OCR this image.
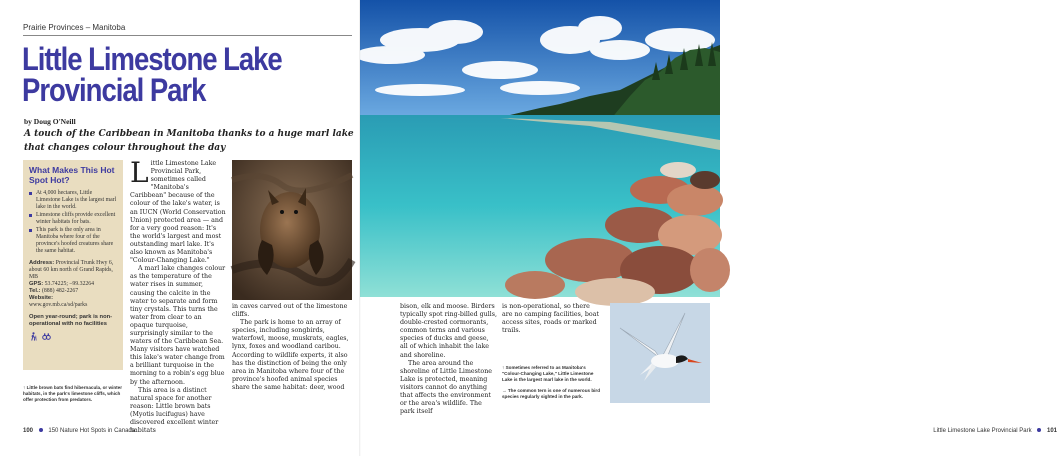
Prairie Provinces – Manitoba
Little Limestone Lake Provincial Park
by Doug O'Neill
A touch of the Caribbean in Manitoba thanks to a huge marl lake that changes colour throughout the day
What Makes This Hot Spot Hot?
At 4,000 hectares, Little Limestone Lake is the largest marl lake in the world.
Limestone cliffs provide excellent winter habitats for bats.
This park is the only area in Manitoba where four of the province's hoofed creatures share the same habitat.
Address: Provincial Trunk Hwy 6, about 60 km north of Grand Rapids, MB
GPS: 53.74225; –99.32264
Tel.: (888) 482-2267
Website:
www.gov.mb.ca/sd/parks
Open year-round; park is non-operational with no facilities
↑ Little brown bats find hibernacula, or winter habitats, in the park's limestone cliffs, which offer protection from predators.

Little Limestone Lake Provincial Park, sometimes called "Manitoba's Caribbean" because of the colour of the lake's water, is an IUCN (World Conservation Union) protected area — and for a very good reason: It's the world's largest and most outstanding marl lake. It's also known as Manitoba's "Colour-Changing Lake."

A marl lake changes colour as the temperature of the water rises in summer, causing the calcite in the water to separate and form tiny crystals. This turns the water from clear to an opaque turquoise, surprisingly similar to the waters of the Caribbean Sea. Many visitors have watched this lake's water change from a brilliant turquoise in the morning to a robin's egg blue by the afternoon.

This area is a distinct natural space for another reason: Little brown bats (Myotis lucifugus) have discovered excellent winter habitats

in caves carved out of the limestone cliffs.

The park is home to an array of species, including songbirds, waterfowl, moose, muskrats, eagles, lynx, foxes and woodland caribou. According to wildlife experts, it also has the distinction of being the only area in Manitoba where four of the province's hoofed animal species share the same habitat: deer, wood

100	150 Nature Hot Spots in Canada	Little Limestone Lake Provincial Park	101

bison, elk and moose. Birders typically spot ring-billed gulls, double-crested cormorants, common terns and various species of ducks and geese, all of which inhabit the lake and shoreline.

The area around the shoreline of Little Limestone Lake is protected, meaning visitors cannot do anything that affects the environment or the area's wildlife. The park itself

is non-operational, so there are no camping facilities, boat access sites, roads or marked trails.

↑ Sometimes referred to as Manitoba's "Colour-Changing Lake," Little Limestone Lake is the largest marl lake in the world.

→ The common tern is one of numerous bird species regularly sighted in the park.
